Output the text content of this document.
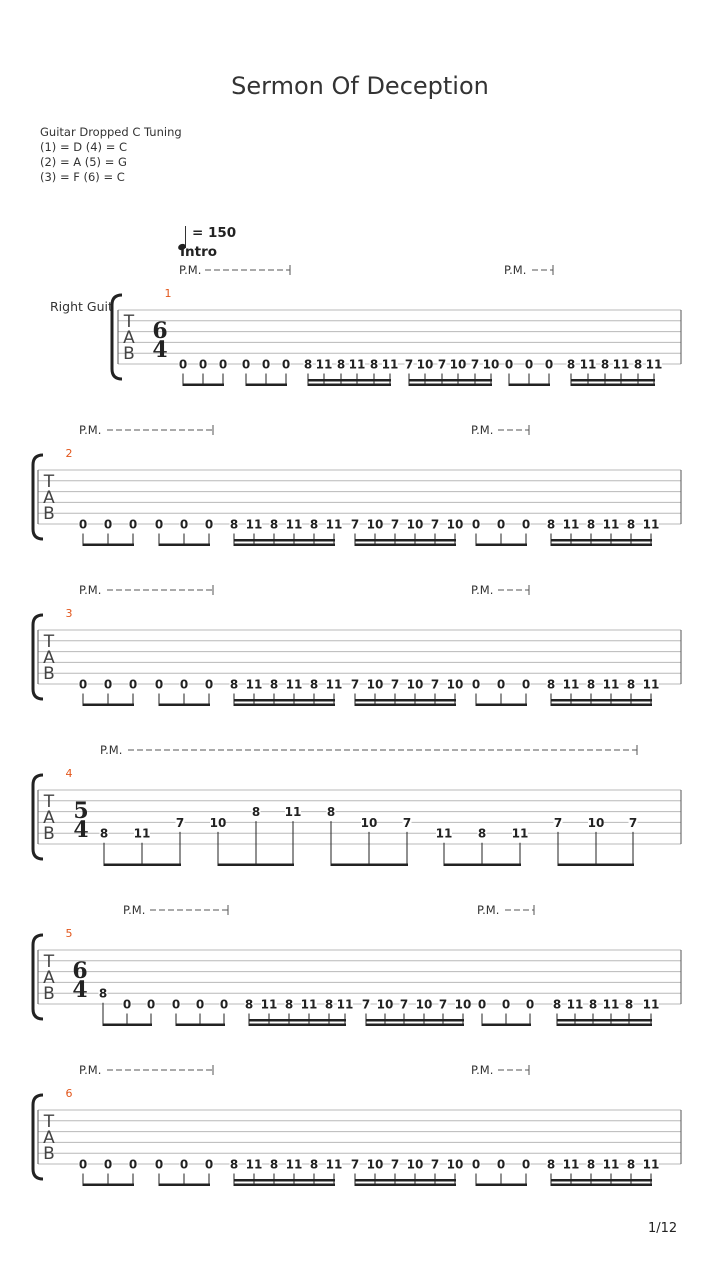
Sermon Of Deception
Guitar Dropped C Tuning
(1) = D (4) = C
(2) = A (5) = G
(3) = F (6) = C
= 150
Intro
Right Guit
T
A
B
1
6
4
P.M.	P.M.
0 0 0 0 0 0 8 11 8 11 8 11 7 10 7 10 7 10 0 0 0 8 11 8 11 8 11
T
A
B
2
P.M.	P.M.
0 0 0 0 0 0 8 11 8 11 8 11 7 10 7 10 7 10 0 0 0 8 11 8 11 8 11
T
A
B
3
P.M.	P.M.
0 0 0 0 0 0 8 11 8 11 8 11 7 10 7 10 7 10 0 0 0 8 11 8 11 8 11
T
A
B
4
5
4
P.M.
8 11
7 10
8 11 8
10 7
11 8 11
7 10 7
T
A
B
5
6
4
P.M.	P.M.
8
0 0 0 0 0 8 11 8 11 8 11 7 10 7 10 7 10 0 0 0 8 11 8 11 8 11
T
A
B
6
P.M.	P.M.
0 0 0 0 0 0 8 11 8 11 8 11 7 10 7 10 7 10 0 0 0 8 11 8 11 8 11
1/12
